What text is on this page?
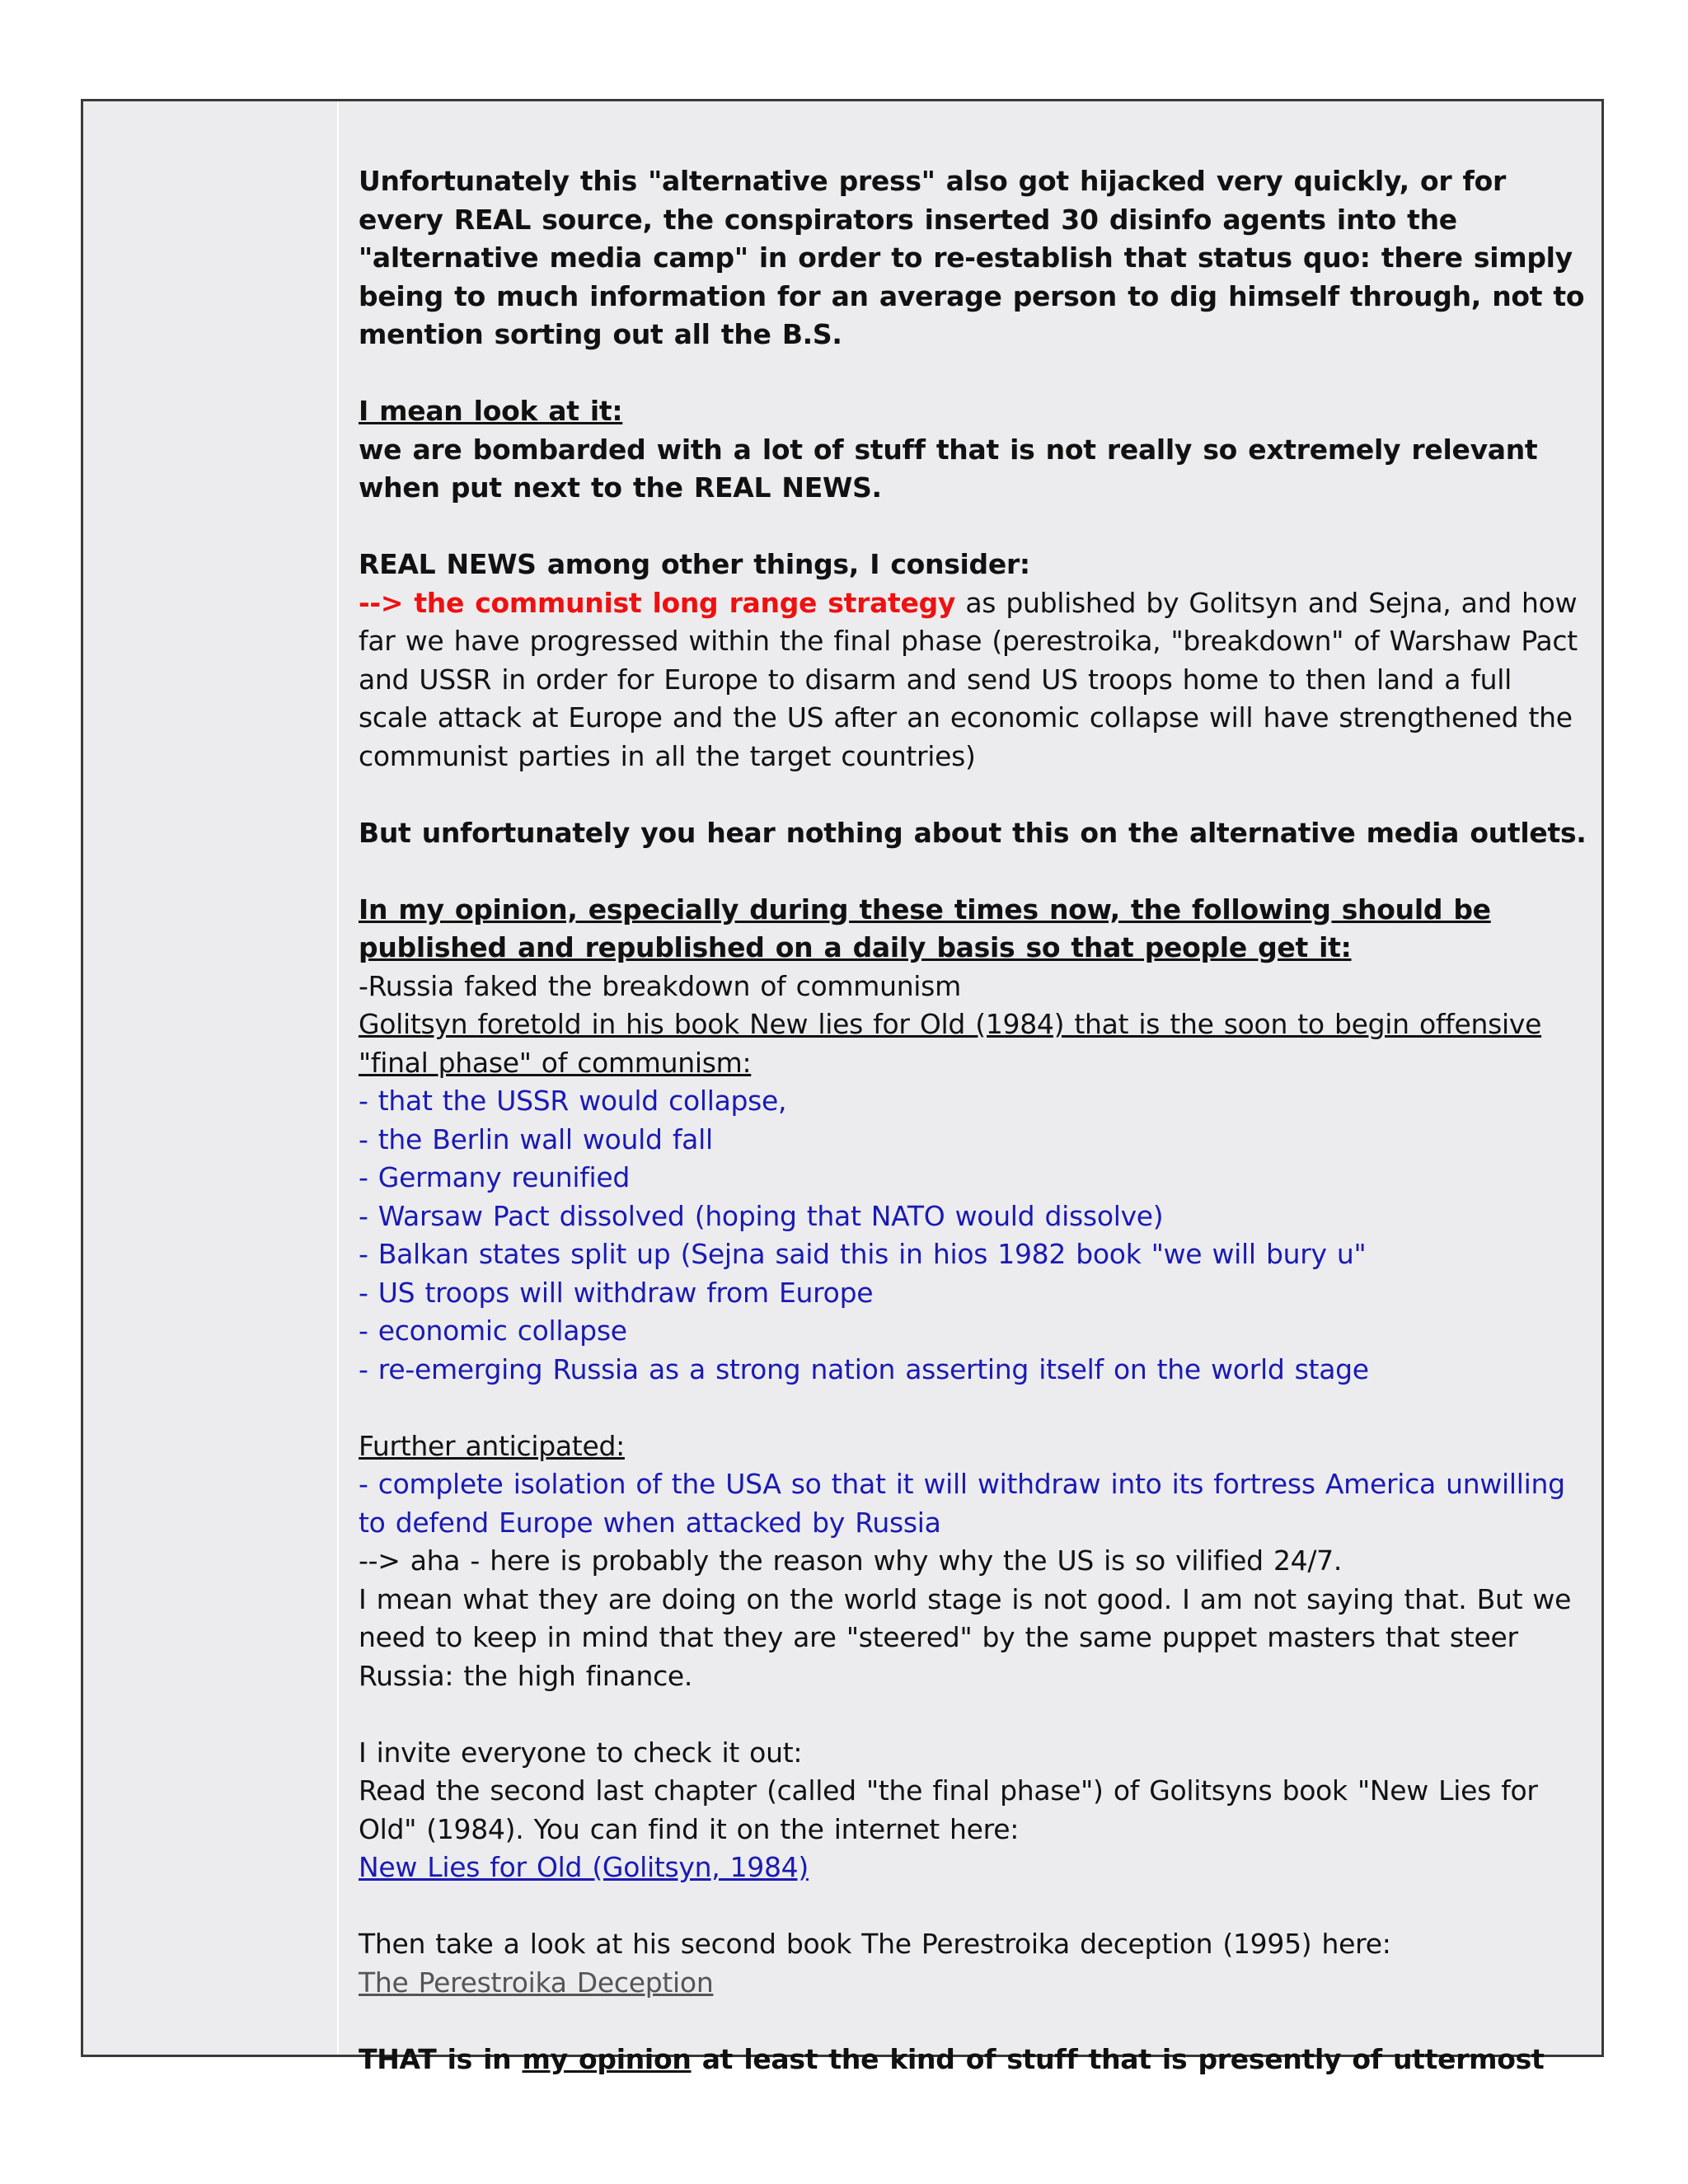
Unfortunately this "alternative press" also got hijacked very quickly, or for every REAL source, the conspirators inserted 30 disinfo agents into the "alternative media camp" in order to re-establish that status quo: there simply being to much information for an average person to dig himself through, not to mention sorting out all the B.S.

I mean look at it:

we are bombarded with a lot of stuff that is not really so extremely relevant when put next to the REAL NEWS.

REAL NEWS among other things, I consider:

--> the communist long range strategy as published by Golitsyn and Sejna, and how far we have progressed within the final phase (perestroika, "breakdown" of Warshaw Pact and USSR in order for Europe to disarm and send US troops home to then land a full scale attack at Europe and the US after an economic collapse will have strengthened the communist parties in all the target countries)

But unfortunately you hear nothing about this on the alternative media outlets.

In my opinion, especially during these times now, the following should be published and republished on a daily basis so that people get it:

-Russia faked the breakdown of communism

Golitsyn foretold in his book New lies for Old (1984) that is the soon to begin offensive "final phase" of communism:

- that the USSR would collapse,

- the Berlin wall would fall

- Germany reunified

- Warsaw Pact dissolved (hoping that NATO would dissolve)

- Balkan states split up (Sejna said this in hios 1982 book "we will bury u"

- US troops will withdraw from Europe

- economic collapse

- re-emerging Russia as a strong nation asserting itself on the world stage

Further anticipated:

- complete isolation of the USA so that it will withdraw into its fortress America unwilling to defend Europe when attacked by Russia

--> aha - here is probably the reason why why the US is so vilified 24/7.

I mean what they are doing on the world stage is not good. I am not saying that. But we need to keep in mind that they are "steered" by the same puppet masters that steer Russia: the high finance.

I invite everyone to check it out:

Read the second last chapter (called "the final phase") of Golitsyns book "New Lies for Old" (1984). You can find it on the internet here:

New Lies for Old (Golitsyn, 1984)

Then take a look at his second book The Perestroika deception (1995) here:

The Perestroika Deception

THAT is in my opinion at least the kind of stuff that is presently of uttermost
